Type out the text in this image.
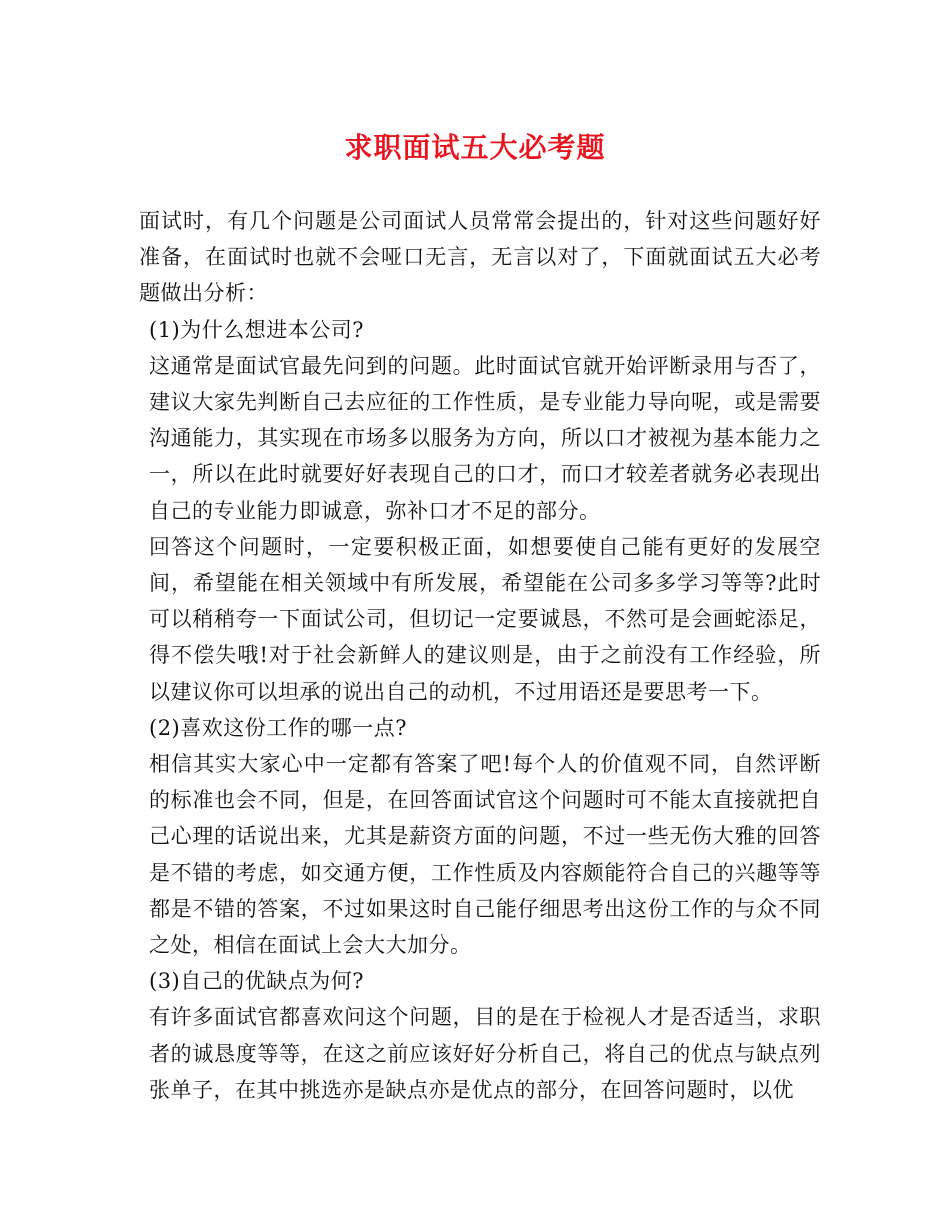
求职面试五大必考题

面试时，有几个问题是公司面试人员常常会提出的，针对这些问题好好准备，在面试时也就不会哑口无言，无言以对了，下面就面试五大必考题做出分析：

(1)为什么想进本公司?

这通常是面试官最先问到的问题。此时面试官就开始评断录用与否了，建议大家先判断自己去应征的工作性质，是专业能力导向呢，或是需要沟通能力，其实现在市场多以服务为方向，所以口才被视为基本能力之一，所以在此时就要好好表现自己的口才，而口才较差者就务必表现出自己的专业能力即诚意，弥补口才不足的部分。

回答这个问题时，一定要积极正面，如想要使自己能有更好的发展空间，希望能在相关领域中有所发展，希望能在公司多多学习等等?此时可以稍稍夸一下面试公司，但切记一定要诚恳，不然可是会画蛇添足，得不偿失哦!对于社会新鲜人的建议则是，由于之前没有工作经验，所以建议你可以坦承的说出自己的动机，不过用语还是要思考一下。

(2)喜欢这份工作的哪一点?

相信其实大家心中一定都有答案了吧!每个人的价值观不同，自然评断的标准也会不同，但是，在回答面试官这个问题时可不能太直接就把自己心理的话说出来，尤其是薪资方面的问题，不过一些无伤大雅的回答是不错的考虑，如交通方便，工作性质及内容颇能符合自己的兴趣等等都是不错的答案，不过如果这时自己能仔细思考出这份工作的与众不同之处，相信在面试上会大大加分。

(3)自己的优缺点为何?

有许多面试官都喜欢问这个问题，目的是在于检视人才是否适当，求职者的诚恳度等等，在这之前应该好好分析自己，将自己的优点与缺点列张单子，在其中挑选亦是缺点亦是优点的部分，在回答问题时，以优
